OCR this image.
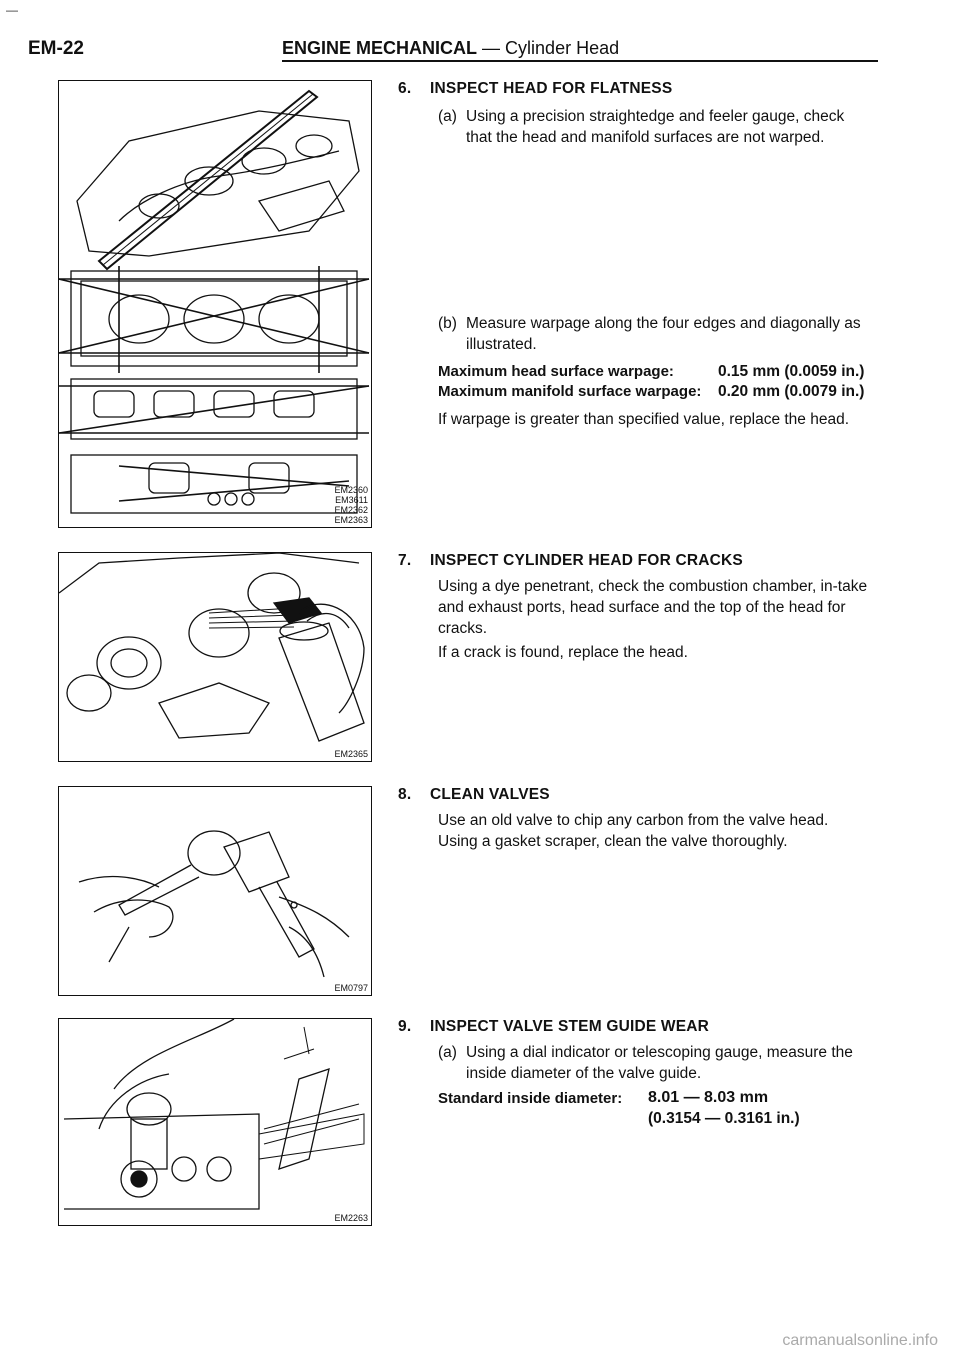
—
EM-22	ENGINE MECHANICAL — Cylinder Head
EM2360
EM3611
EM2362
EM2363
EM2365
EM0797
EM2263
6. INSPECT HEAD FOR FLATNESS
(a) Using a precision straightedge and feeler gauge, check that the head and manifold surfaces are not warped.
(b) Measure warpage along the four edges and diagonally as illustrated.
Maximum head surface warpage:	0.15 mm (0.0059 in.)
Maximum manifold surface warpage: 0.20 mm (0.0079 in.)
If warpage is greater than specified value, replace the head.
7. INSPECT CYLINDER HEAD FOR CRACKS
Using a dye penetrant, check the combustion chamber, in-take and exhaust ports, head surface and the top of the head for cracks.
If a crack is found, replace the head.
8. CLEAN VALVES
Use an old valve to chip any carbon from the valve head.
Using a gasket scraper, clean the valve thoroughly.
9. INSPECT VALVE STEM GUIDE WEAR
(a) Using a dial indicator or telescoping gauge, measure the inside diameter of the valve guide.
Standard inside diameter: 8.01 — 8.03 mm
(0.3154 — 0.3161 in.)
carmanualsonline.info
